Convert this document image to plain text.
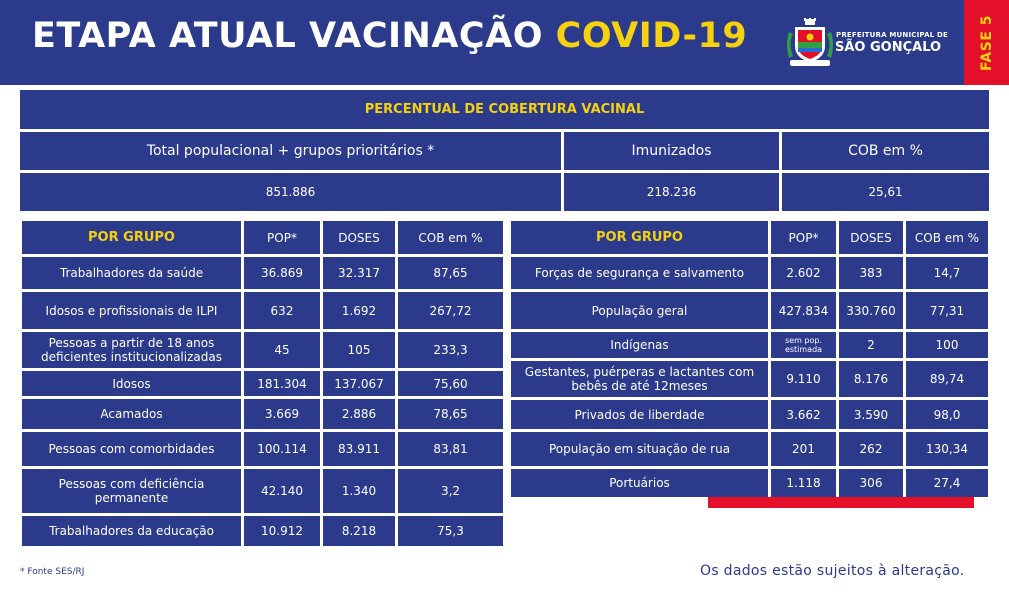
ETAPA ATUAL VACINAÇÃO COVID-19	PREFEITURA MUNICIPAL DE
SÃO GONÇALO	FASE 5
PERCENTUAL DE COBERTURA VACINAL
Total populacional + grupos prioritários *	Imunizados	COB em %
851.886	218.236	25,61
POR GRUPO	POP*	DOSES	COB em %
Trabalhadores da saúde	36.869	32.317	87,65
Idosos e profissionais de ILPI	632	1.692	267,72
Pessoas a partir de 18 anos deficientes institucionalizadas	45	105	233,3
Idosos	181.304	137.067	75,60
Acamados	3.669	2.886	78,65
Pessoas com comorbidades	100.114	83.911	83,81
Pessoas com deficiência permanente	42.140	1.340	3,2
Trabalhadores da educação	10.912	8.218	75,3
POR GRUPO	POP*	DOSES	COB em %
Forças de segurança e salvamento	2.602	383	14,7
População geral	427.834	330.760	77,31
Indígenas	sem pop. estimada	2	100
Gestantes, puérperas e lactantes com bebês de até 12meses	9.110	8.176	89,74
Privados de liberdade	3.662	3.590	98,0
População em situação de rua	201	262	130,34
Portuários	1.118	306	27,4
* Fonte SES/RJ	Os dados estão sujeitos à alteração.
